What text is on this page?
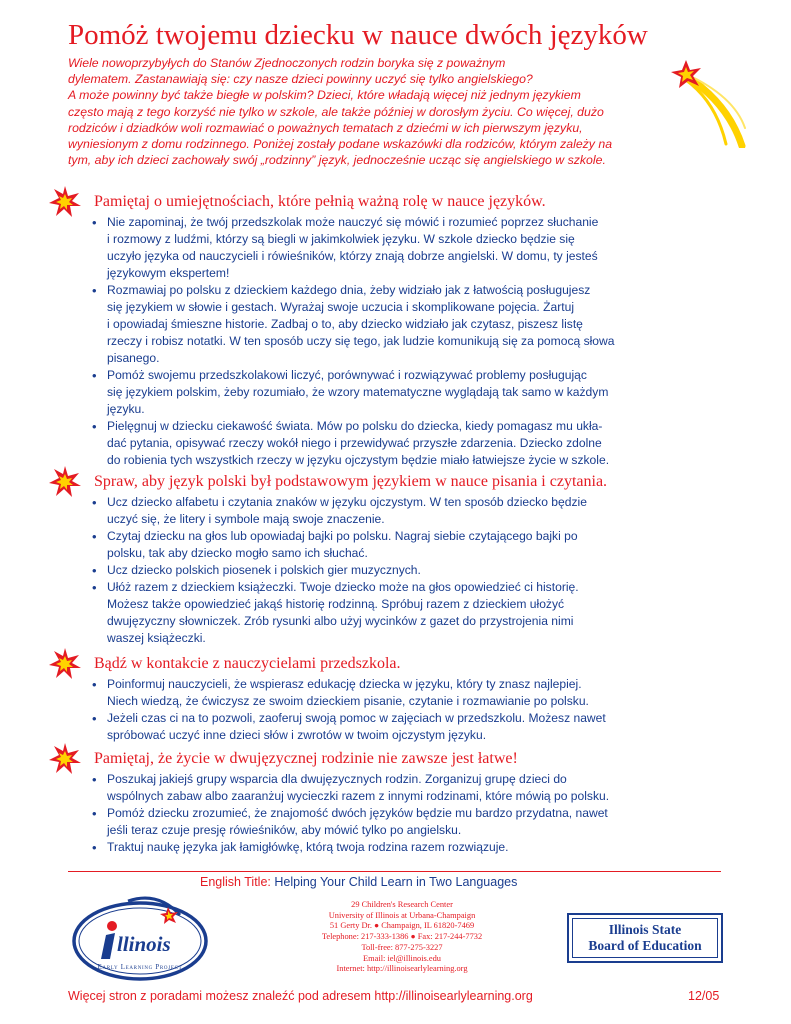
Pomóż twojemu dziecku w nauce dwóch języków
Wiele nowoprzybyłych do Stanów Zjednoczonych rodzin boryka się z poważnym
dylematem. Zastanawiają się: czy nasze dzieci powinny uczyć się tylko angielskiego?
A może powinny być także biegłe w polskim? Dzieci, które władają więcej niż jednym językiem
często mają z tego korzyść nie tylko w szkole, ale także później w dorosłym życiu. Co więcej, dużo
rodziców i dziadków woli rozmawiać o poważnych tematach z dziećmi w ich pierwszym języku,
wyniesionym z domu rodzinnego. Poniżej zostały podane wskazówki dla rodziców, którym zależy na
tym, aby ich dzieci zachowały swój „rodzinny” język, jednocześnie ucząc się angielskiego w szkole.
Pamiętaj o umiejętnościach, które pełnią ważną rolę w nauce języków.
• Nie zapominaj, że twój przedszkolak może nauczyć się mówić i rozumieć poprzez słuchanie
i rozmowy z ludźmi, którzy są biegli w jakimkolwiek języku. W szkole dziecko będzie się
uczyło języka od nauczycieli i rówieśników, którzy znają dobrze angielski. W domu, ty jesteś
językowym ekspertem!
• Rozmawiaj po polsku z dzieckiem każdego dnia, żeby widziało jak z łatwością posługujesz
się językiem w słowie i gestach. Wyrażaj swoje uczucia i skomplikowane pojęcia. Żartuj
i opowiadaj śmieszne historie. Zadbaj o to, aby dziecko widziało jak czytasz, piszesz listę
rzeczy i robisz notatki. W ten sposób uczy się tego, jak ludzie komunikują się za pomocą słowa
pisanego.
• Pomóż swojemu przedszkolakowi liczyć, porównywać i rozwiązywać problemy posługując
się językiem polskim, żeby rozumiało, że wzory matematyczne wyglądają tak samo w każdym
języku.
• Pielęgnuj w dziecku ciekawość świata. Mów po polsku do dziecka, kiedy pomagasz mu ukła-
dać pytania, opisywać rzeczy wokół niego i przewidywać przyszłe zdarzenia. Dziecko zdolne
do robienia tych wszystkich rzeczy w języku ojczystym będzie miało łatwiejsze życie w szkole.
Spraw, aby język polski był podstawowym językiem w nauce pisania i czytania.
• Ucz dziecko alfabetu i czytania znaków w języku ojczystym. W ten sposób dziecko będzie
uczyć się, że litery i symbole mają swoje znaczenie.
• Czytaj dziecku na głos lub opowiadaj bajki po polsku. Nagraj siebie czytającego bajki po
polsku, tak aby dziecko mogło samo ich słuchać.
• Ucz dziecko polskich piosenek i polskich gier muzycznych.
• Ułóż razem z dzieckiem książeczki. Twoje dziecko może na głos opowiedzieć ci historię.
Możesz także opowiedzieć jakąś historię rodzinną. Spróbuj razem z dzieckiem ułożyć
dwujęzyczny słowniczek. Zrób rysunki albo użyj wycinków z gazet do przystrojenia nimi
waszej książeczki.
Bądź w kontakcie z nauczycielami przedszkola.
• Poinformuj nauczycieli, że wspierasz edukację dziecka w języku, który ty znasz najlepiej.
Niech wiedzą, że ćwiczysz ze swoim dzieckiem pisanie, czytanie i rozmawianie po polsku.
• Jeżeli czas ci na to pozwoli, zaoferuj swoją pomoc w zajęciach w przedszkolu. Możesz nawet
spróbować uczyć inne dzieci słów i zwrotów w twoim ojczystym języku.
Pamiętaj, że życie w dwujęzycznej rodzinie nie zawsze jest łatwe!
• Poszukaj jakiejś grupy wsparcia dla dwujęzycznych rodzin. Zorganizuj grupę dzieci do
wspólnych zabaw albo zaaranżuj wycieczki razem z innymi rodzinami, które mówią po polsku.
• Pomóż dziecku zrozumieć, że znajomość dwóch języków będzie mu bardzo przydatna, nawet
jeśli teraz czuje presję rówieśników, aby mówić tylko po angielsku.
• Traktuj naukę języka jak łamigłówkę, którą twoja rodzina razem rozwiązuje.
English Title: Helping Your Child Learn in Two Languages
llinois
Early Learning Project
29 Children's Research Center
University of Illinois at Urbana-Champaign
51 Gerty Dr. ● Champaign, IL 61820-7469
Telephone: 217-333-1386 ● Fax: 217-244-7732
Toll-free: 877-275-3227
Email: iel@illinois.edu
Internet: http://illinoisearlylearning.org
Illinois State
Board of Education
Więcej stron z poradami możesz znaleźć pod adresem http://illinoisearlylearning.org	12/05
